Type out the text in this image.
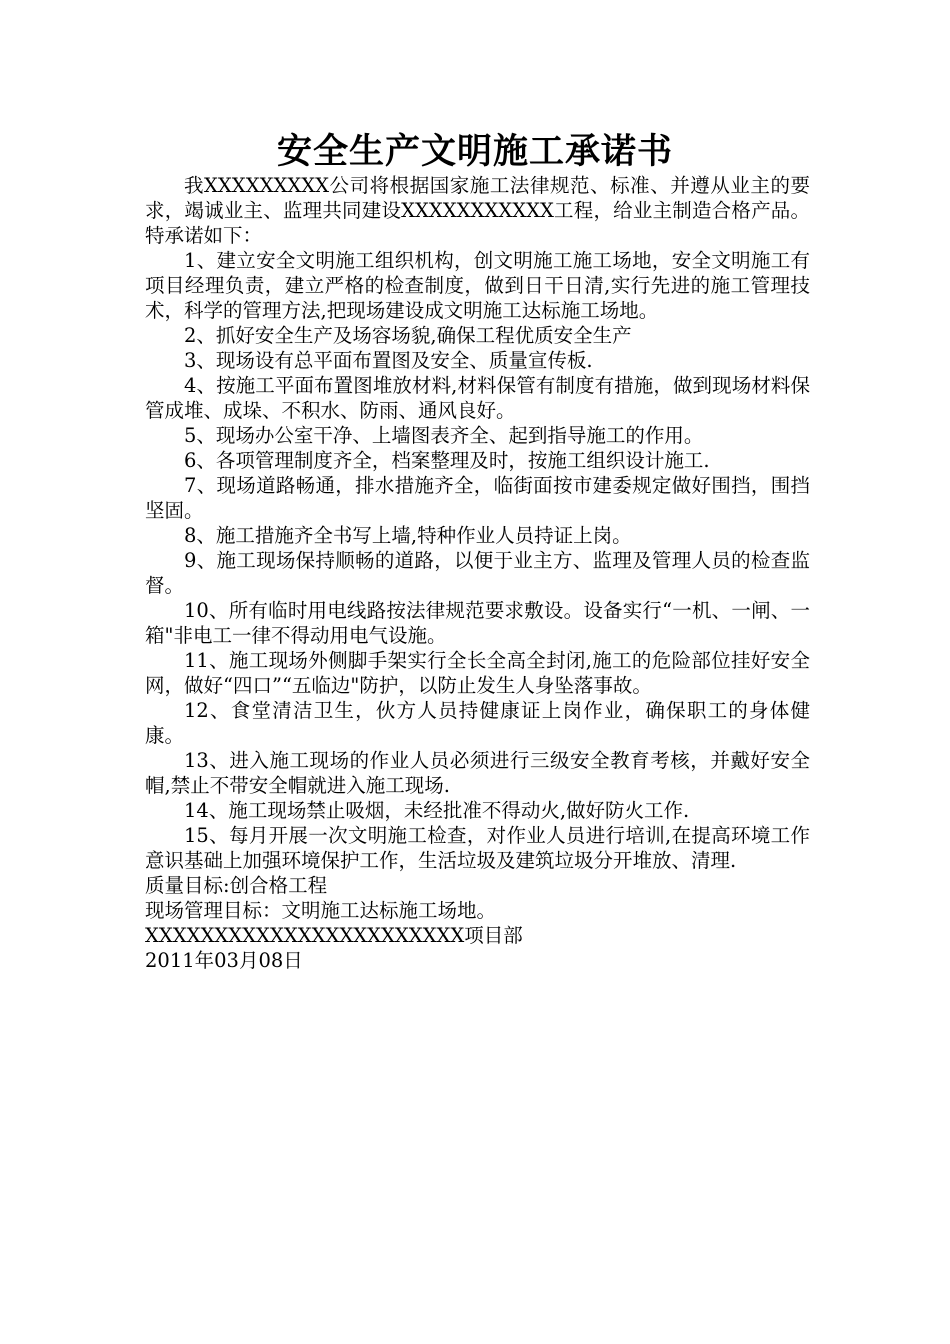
安全生产文明施工承诺书

我XXXXXXXXX公司将根据国家施工法律规范、标准、并遵从业主的要求，竭诚业主、监理共同建设XXXXXXXXXXX工程，给业主制造合格产品。特承诺如下：

1、建立安全文明施工组织机构，创文明施工施工场地，安全文明施工有项目经理负责，建立严格的检查制度，做到日干日清,实行先进的施工管理技术，科学的管理方法,把现场建设成文明施工达标施工场地。

2、抓好安全生产及场容场貌,确保工程优质安全生产

3、现场设有总平面布置图及安全、质量宣传板.

4、按施工平面布置图堆放材料,材料保管有制度有措施，做到现场材料保管成堆、成垛、不积水、防雨、通风良好。

5、现场办公室干净、上墙图表齐全、起到指导施工的作用。

6、各项管理制度齐全，档案整理及时，按施工组织设计施工.

7、现场道路畅通，排水措施齐全，临街面按市建委规定做好围挡，围挡坚固。

8、施工措施齐全书写上墙,特种作业人员持证上岗。

9、施工现场保持顺畅的道路，以便于业主方、监理及管理人员的检查监督。

10、所有临时用电线路按法律规范要求敷设。设备实行“一机、一闸、一箱"非电工一律不得动用电气设施。

11、施工现场外侧脚手架实行全长全高全封闭,施工的危险部位挂好安全网，做好“四口”“五临边"防护，以防止发生人身坠落事故。

12、食堂清洁卫生，伙方人员持健康证上岗作业，确保职工的身体健康。

13、进入施工现场的作业人员必须进行三级安全教育考核，并戴好安全帽,禁止不带安全帽就进入施工现场.

14、施工现场禁止吸烟，未经批准不得动火,做好防火工作.

15、每月开展一次文明施工检查，对作业人员进行培训,在提高环境工作意识基础上加强环境保护工作，生活垃圾及建筑垃圾分开堆放、清理.

质量目标:创合格工程

现场管理目标：文明施工达标施工场地。

XXXXXXXXXXXXXXXXXXXXXXX项目部

2011年03月08日
